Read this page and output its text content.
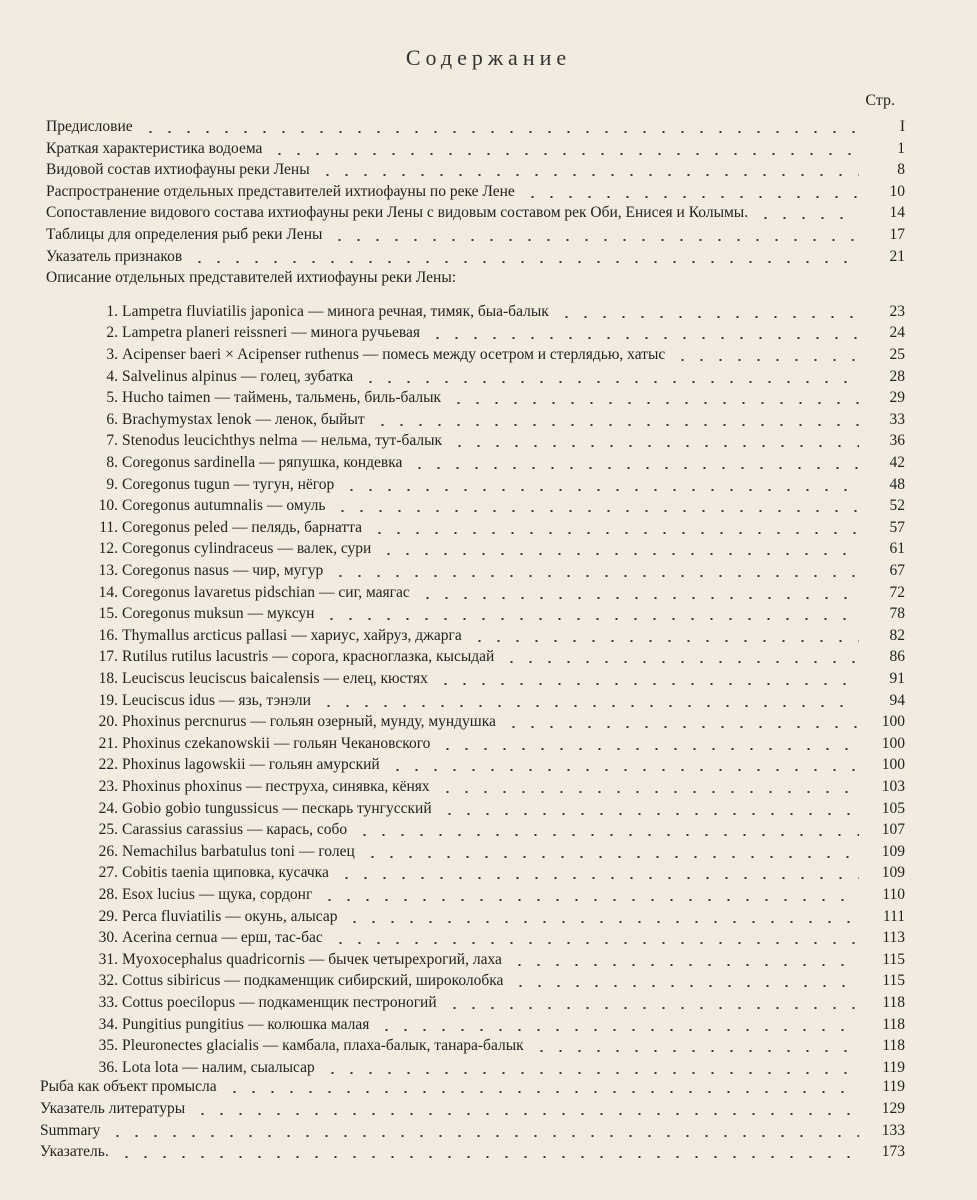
Содержание
Стр.
Предисловие	I
Краткая характеристика водоема	1
Видовой состав ихтиофауны реки Лены	8
Распространение отдельных представителей ихтиофауны по реке Лене	10
Сопоставление видового состава ихтиофауны реки Лены с видовым составом рек Оби, Енисея и Колымы.	14
Таблицы для определения рыб реки Лены	17
Указатель признаков	21
Описание отдельных представителей ихтиофауны реки Лены:
1. Lampetra fluviatilis japonica — минога речная, тимяк, быа-балык	23
2. Lampetra planeri reissneri — минога ручьевая	24
3. Acipenser baeri × Acipenser ruthenus — помесь между осетром и стерлядью, хатыс	25
4. Salvelinus alpinus — голец, зубатка	28
5. Hucho taimen — таймень, тальмень, биль-балык	29
6. Brachymystax lenok — ленок, быйыт	33
7. Stenodus leucichthys nelma — нельма, тут-балык	36
8. Coregonus sardinella — ряпушка, кондевка	42
9. Coregonus tugun — тугун, нёгор	48
10. Coregonus autumnalis — омуль	52
11. Coregonus peled — пелядь, барнатта	57
12. Coregonus cylindraceus — валек, сури	61
13. Coregonus nasus — чир, мугур	67
14. Coregonus lavaretus pidschian — сиг, маягас	72
15. Coregonus muksun — муксун	78
16. Thymallus arcticus pallasi — хариус, хайруз, джарга	82
17. Rutilus rutilus lacustris — сорога, красноглазка, кысыдай	86
18. Leuciscus leuciscus baicalensis — елец, кюстях	91
19. Leuciscus idus — язь, тэнэли	94
20. Phoxinus percnurus — гольян озерный, мунду, мундушка	100
21. Phoxinus czekanowskii — гольян Чекановского	100
22. Phoxinus lagowskii — гольян амурский	100
23. Phoxinus phoxinus — пеструха, синявка, кёнях	103
24. Gobio gobio tungussicus — пескарь тунгусский	105
25. Carassius carassius — карась, собо	107
26. Nemachilus barbatulus toni — голец	109
27. Cobitis taenia щиповка, кусачка	109
28. Esox lucius — щука, сордонг	110
29. Perca fluviatilis — окунь, алысар	111
30. Acerina cernua — ерш, тас-бас	113
31. Myoxocephalus quadricornis — бычек четырехрогий, лаха	115
32. Cottus sibiricus — подкаменщик сибирский, широколобка	115
33. Cottus poecilopus — подкаменщик пестроногий	118
34. Pungitius pungitius — колюшка малая	118
35. Pleuronectes glacialis — камбала, плаха-балык, танара-балык	118
36. Lota lota — налим, сыалысар	119
Рыба как объект промысла	119
Указатель литературы	129
Summary	133
Указатель.	173
